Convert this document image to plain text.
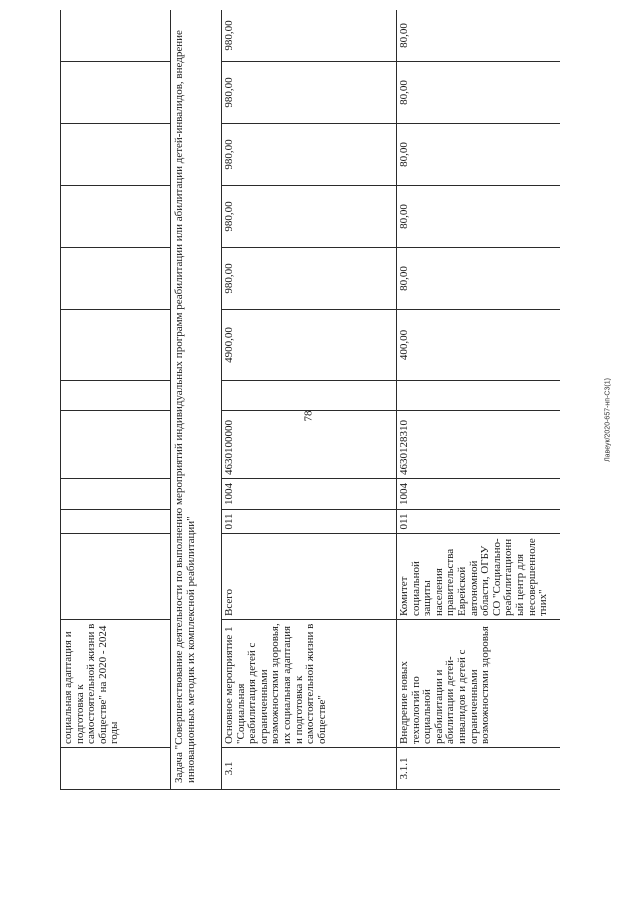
78	Лавеук/2020-657-нп-С3(1)
	социальная адаптация и подготовка к самостоятельной жизни в обществе" на 2020 - 2024 годы											
Задача "Совершенствование деятельности по выполнению мероприятий индивидуальных программ реабилитации или абилитации детей-инвалидов, внедрение инновационных методик их комплексной реабилитации"												
3.1	Основное мероприятие 1 "Социальная реабилитация детей с ограниченными возможностями здоровья, их социальная адаптация и подготовка к самостоятельной жизни в обществе"	Всего	011	1004	4630100000		4900,00	980,00	980,00	980,00	980,00	980,00
3.1.1	Внедрение новых технологий по социальной реабилитации и абилитации детей-инвалидов и детей с ограниченными возможностями здоровья	Комитет социальной защиты населения правительства Еврейской автономной области, ОГБУ СО "Социально-реабилитационный центр для несовершеннолетних"	011	1004	4630128310		400,00	80,00	80,00	80,00	80,00	80,00
